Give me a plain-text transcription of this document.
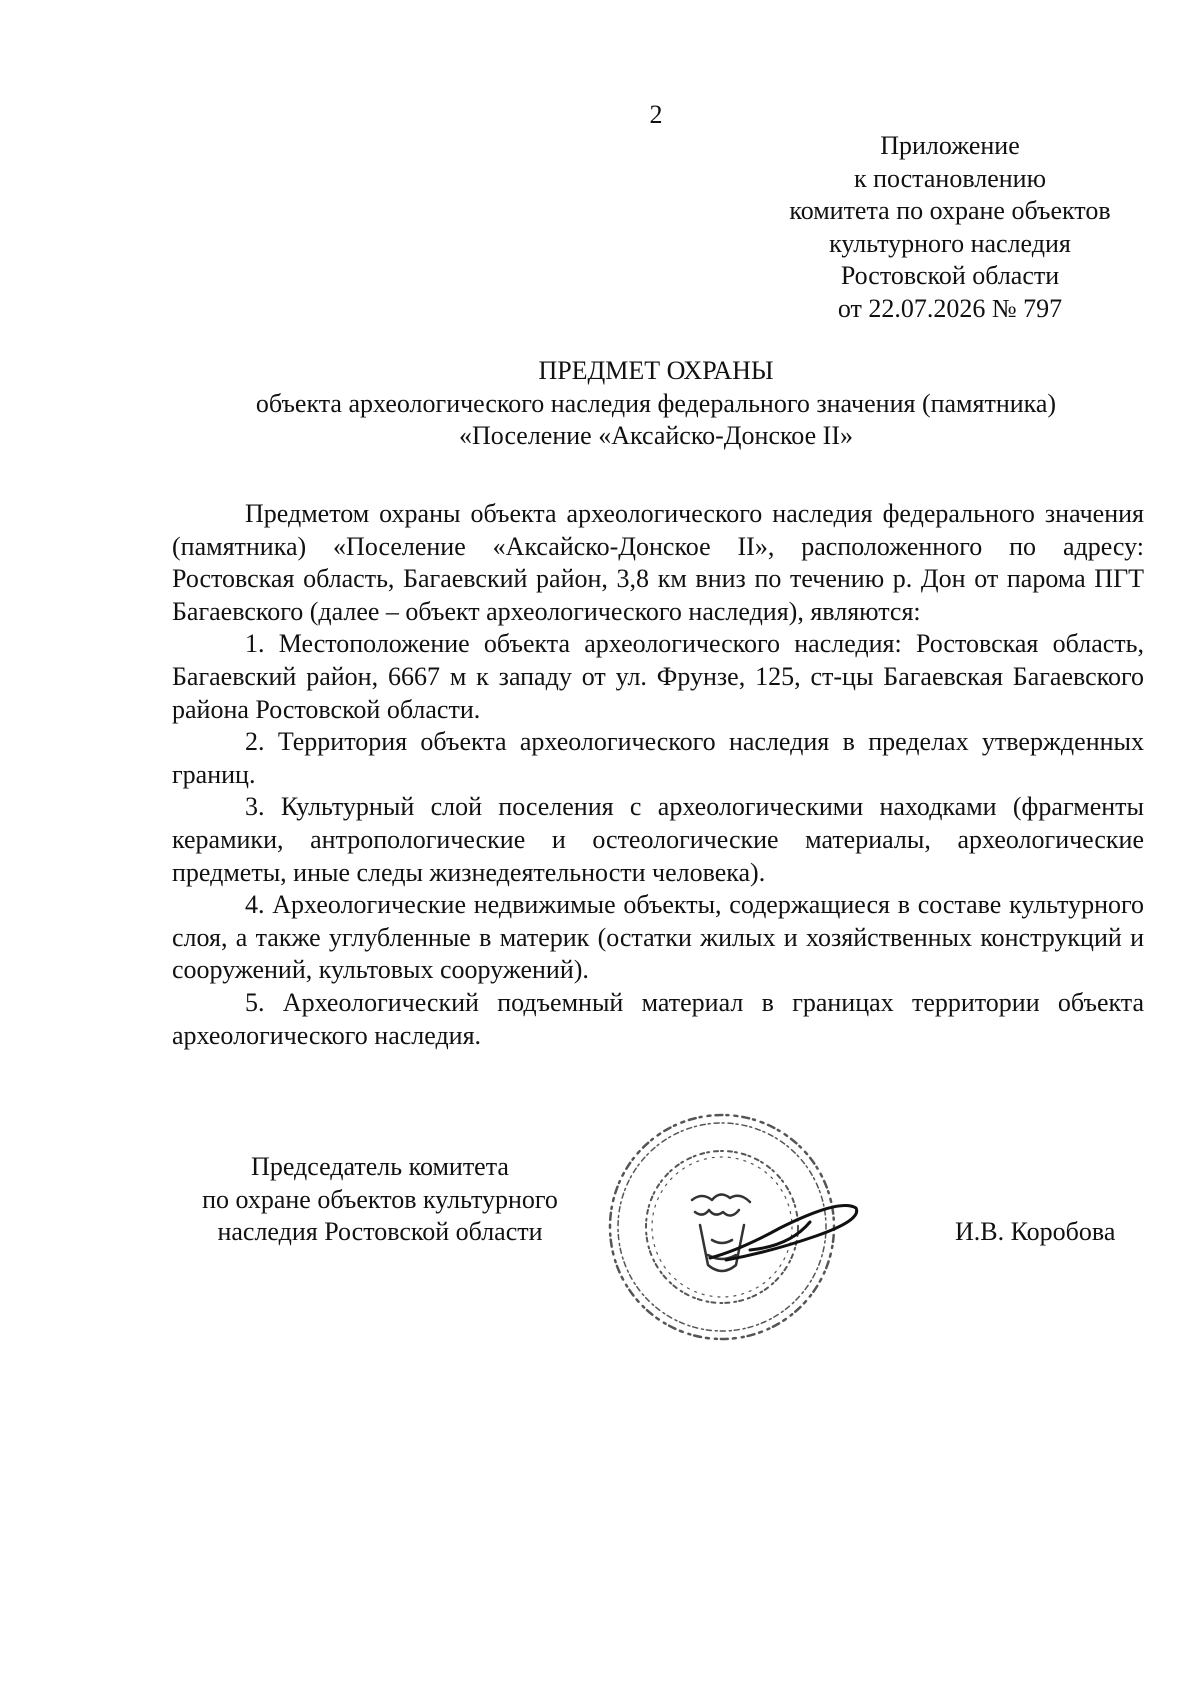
2
Приложение
к постановлению
комитета по охране объектов
культурного наследия
Ростовской области
от 22.07.2026 № 797
ПРЕДМЕТ ОХРАНЫ
объекта археологического наследия федерального значения (памятника)
«Поселение «Аксайско-Донское II»

Предметом охраны объекта археологического наследия федерального значения (памятника) «Поселение «Аксайско-Донское II», расположенного по адресу: Ростовская область, Багаевский район, 3,8 км вниз по течению р. Дон от парома ПГТ Багаевского (далее – объект археологического наследия), являются:

1. Местоположение объекта археологического наследия: Ростовская область, Багаевский район, 6667 м к западу от ул. Фрунзе, 125, ст-цы Багаевская Багаевского района Ростовской области.

2. Территория объекта археологического наследия в пределах утвержденных границ.

3. Культурный слой поселения с археологическими находками (фрагменты керамики, антропологические и остеологические материалы, археологические предметы, иные следы жизнедеятельности человека).

4. Археологические недвижимые объекты, содержащиеся в составе культурного слоя, а также углубленные в материк (остатки жилых и хозяйственных конструкций и сооружений, культовых сооружений).

5. Археологический подъемный материал в границах территории объекта археологического наследия.

Председатель комитета
по охране объектов культурного
наследия Ростовской области	И.В. Коробова
